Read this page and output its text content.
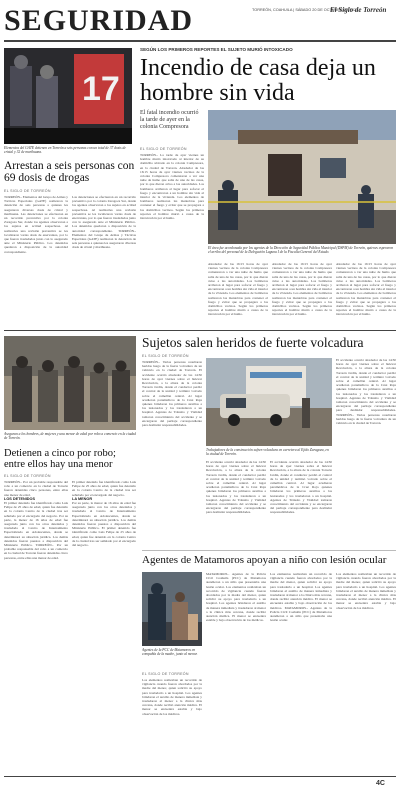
SEGURIDAD	TORREÓN, COAHUILA | SÁBADO 20 DE OCTUBRE DE 2024
El Siglo de Torreón
17
Elementos del GATE detienen en Torreón a seis personas con un total de 37 dosis de cristal y 32 de marihuana.
SEGÚN LOS PRIMEROS REPORTES EL SUJETO MURIÓ INTOXICADO
Incendio de casa deja un hombre sin vida
El fatal incendio ocurrió la tarde de ayer en la colonia Compresora
El área fue acordonada por los agentes de la Dirección de Seguridad Pública Municipal (DSPM) de Torreón, quienes esperaron el arribo del personal de la Delegación Laguna I de la Fiscalía General del Estado.
EL SIGLO DE TORREÓN
TORREÓN.- La tarde de ayer viernes un hombre murió intoxicado al interior de su domicilio ubicado en la colonia Compresora, en la ciudad de Torreón. Alrededor de las 16:15 horas de ayer viernes vecinos de la colonia Compresora comenzaron a ver una nube de humo que salía de una de las casas, por lo que dieron aviso a las autoridades. Los bomberos arribaron al lugar para sofocar el fuego y encontraron a un hombre sin vida al interior de la vivienda. Los elementos de bomberos realizaron las maniobras para contener el fuego y evitar que se propagara a los domicilios vecinos. Según los primeros reportes el hombre murió a causa de la intoxicación por el humo.
Alrededor de las 16:15 horas de ayer viernes vecinos de la colonia Compresora comenzaron a ver una nube de humo que salía de una de las casas, por lo que dieron aviso a las autoridades. Los bomberos arribaron al lugar para sofocar el fuego y encontraron a un hombre sin vida al interior de la vivienda. Los elementos de bomberos realizaron las maniobras para contener el fuego y evitar que se propagara a los domicilios vecinos. Según los primeros reportes el hombre murió a causa de la intoxicación por el humo.
Alrededor de las 16:15 horas de ayer viernes vecinos de la colonia Compresora comenzaron a ver una nube de humo que salía de una de las casas, por lo que dieron aviso a las autoridades. Los bomberos arribaron al lugar para sofocar el fuego y encontraron a un hombre sin vida al interior de la vivienda. Los elementos de bomberos realizaron las maniobras para contener el fuego y evitar que se propagara a los domicilios vecinos. Según los primeros reportes el hombre murió a causa de la intoxicación por el humo.
Alrededor de las 16:15 horas de ayer viernes vecinos de la colonia Compresora comenzaron a ver una nube de humo que salía de una de las casas, por lo que dieron aviso a las autoridades. Los bomberos arribaron al lugar para sofocar el fuego y encontraron a un hombre sin vida al interior de la vivienda. Los elementos de bomberos realizaron las maniobras para contener el fuego y evitar que se propagara a los domicilios vecinos. Según los primeros reportes el hombre murió a causa de la intoxicación por el humo.
Arrestan a seis personas con 69 dosis de drogas
EL SIGLO DE TORREÓN
TORREÓN.- Elementos del Grupo de Armas y Tácticas Especiales (GATE) realizaron la detención de seis personas a quienes les aseguraron diversas dosis de cristal y marihuana. Las detenciones se efectuaron en un recorrido preventivo por la colonia Zaragoza Sur, donde los agentes observaron a los sujetos en actitud sospechosa. Al realizarles una revisión preventiva se les localizaron varias dosis de enervantes, por lo que fueron trasladados junto con lo asegurado ante el Ministerio Público. Los detenidos quedaron a disposición de la autoridad correspondiente.
Las detenciones se efectuaron en un recorrido preventivo por la colonia Zaragoza Sur, donde los agentes observaron a los sujetos en actitud sospechosa. Al realizarles una revisión preventiva se les localizaron varias dosis de enervantes, por lo que fueron trasladados junto con lo asegurado ante el Ministerio Público. Los detenidos quedaron a disposición de la autoridad correspondiente. TORREÓN.- Elementos del Grupo de Armas y Tácticas Especiales (GATE) realizaron la detención de seis personas a quienes les aseguraron diversas dosis de cristal y marihuana.
Aseguran a los hombres, de mujeres y una menor de edad por robo a comercio en la ciudad de Torreón.
Detienen a cinco por robo; entre ellos hay una menor
EL SIGLO DE TORREÓN
TORREÓN.- Por un probable responsable del robo a un comercio en la ciudad de Torreón fueron detenidas cinco personas, entre ellas una menor de edad.
LOS DETENIDOS
El primer detenido fue identificado como Luis Felipe de 25 años de edad, quien fue detenido en la colonia Centro de la ciudad tras ser señalado por el encargado del negocio. Por su parte, la menor de 16 años de edad fue asegurada junto con los otros detenidos y trasladada al Centro de Internamiento Especializado en Adolescentes, donde se determinará su situación jurídica. Los demás detenidos fueron puestos a disposición del Ministerio Público. TORREÓN.- Por un probable responsable del robo a un comercio en la ciudad de Torreón fueron detenidas cinco personas, entre ellas una menor de edad.
El primer detenido fue identificado como Luis Felipe de 25 años de edad, quien fue detenido en la colonia Centro de la ciudad tras ser señalado por el encargado del negocio.
LA MENOR
Por su parte, la menor de 16 años de edad fue asegurada junto con los otros detenidos y trasladada al Centro de Internamiento Especializado en Adolescentes, donde se determinará su situación jurídica. Los demás detenidos fueron puestos a disposición del Ministerio Público. El primer detenido fue identificado como Luis Felipe de 25 años de edad, quien fue detenido en la colonia Centro de la ciudad tras ser señalado por el encargado del negocio.
Sujetos salen heridos de fuerte volcadura
EL SIGLO DE TORREÓN
TORREÓN.- Varias personas resultaron heridas luego de la fuerte volcadura de un vehículo en la ciudad de Torreón. El accidente ocurrió alrededor de las 14:30 horas de ayer viernes sobre el bulevar Revolución, a la altura de la colonia Torreón Jardín, donde el conductor perdió el control de la unidad y terminó volcado sobre el camellón central. Al lugar acudieron paramédicos de la Cruz Roja quienes brindaron los primeros auxilios a los lesionados y los trasladaron a un hospital. Agentes de Tránsito y Vialidad tomaron conocimiento del accidente y se encargaron del peritaje correspondiente para deslindar responsabilidades.
Trabajadores de la construcción sufren volcadura en carretera al Ejido Zaragoza, en la ciudad de Torreón.
El accidente ocurrió alrededor de las 14:30 horas de ayer viernes sobre el bulevar Revolución, a la altura de la colonia Torreón Jardín, donde el conductor perdió el control de la unidad y terminó volcado sobre el camellón central. Al lugar acudieron paramédicos de la Cruz Roja quienes brindaron los primeros auxilios a los lesionados y los trasladaron a un hospital. Agentes de Tránsito y Vialidad tomaron conocimiento del accidente y se encargaron del peritaje correspondiente para deslindar responsabilidades.
El accidente ocurrió alrededor de las 14:30 horas de ayer viernes sobre el bulevar Revolución, a la altura de la colonia Torreón Jardín, donde el conductor perdió el control de la unidad y terminó volcado sobre el camellón central. Al lugar acudieron paramédicos de la Cruz Roja quienes brindaron los primeros auxilios a los lesionados y los trasladaron a un hospital. Agentes de Tránsito y Vialidad tomaron conocimiento del accidente y se encargaron del peritaje correspondiente para deslindar responsabilidades.
El accidente ocurrió alrededor de las 14:30 horas de ayer viernes sobre el bulevar Revolución, a la altura de la colonia Torreón Jardín, donde el conductor perdió el control de la unidad y terminó volcado sobre el camellón central. Al lugar acudieron paramédicos de la Cruz Roja quienes brindaron los primeros auxilios a los lesionados y los trasladaron a un hospital. Agentes de Tránsito y Vialidad tomaron conocimiento del accidente y se encargaron del peritaje correspondiente para deslindar responsabilidades. TORREÓN.- Varias personas resultaron heridas luego de la fuerte volcadura de un vehículo en la ciudad de Torreón.
Agentes de Matamoros apoyan a niño con lesión ocular
Agentes de la PCC de Matamoros en compañía de la madre, junto al menor.
EL SIGLO DE TORREÓN
Los elementos realizaban un recorrido de vigilancia cuando fueron abordados por la madre del menor, quien solicitó su apoyo para trasladarlo a un hospital. Los agentes brindaron el auxilio de manera inmediata y trasladaron al menor a la clínica más cercana, donde recibió atención médica. El menor se encuentra estable y bajo observación de los médicos.
MATAMOROS.- Agentes de la Policía Civil Coahuila (PCC) de Matamoros atendieron a un niño que presentaba una lesión ocular. Los elementos realizaban un recorrido de vigilancia cuando fueron abordados por la madre del menor, quien solicitó su apoyo para trasladarlo a un hospital. Los agentes brindaron el auxilio de manera inmediata y trasladaron al menor a la clínica más cercana, donde recibió atención médica. El menor se encuentra estable y bajo observación de los médicos.
Los elementos realizaban un recorrido de vigilancia cuando fueron abordados por la madre del menor, quien solicitó su apoyo para trasladarlo a un hospital. Los agentes brindaron el auxilio de manera inmediata y trasladaron al menor a la clínica más cercana, donde recibió atención médica. El menor se encuentra estable y bajo observación de los médicos. MATAMOROS.- Agentes de la Policía Civil Coahuila (PCC) de Matamoros atendieron a un niño que presentaba una lesión ocular.
Los elementos realizaban un recorrido de vigilancia cuando fueron abordados por la madre del menor, quien solicitó su apoyo para trasladarlo a un hospital. Los agentes brindaron el auxilio de manera inmediata y trasladaron al menor a la clínica más cercana, donde recibió atención médica. El menor se encuentra estable y bajo observación de los médicos.
4C
